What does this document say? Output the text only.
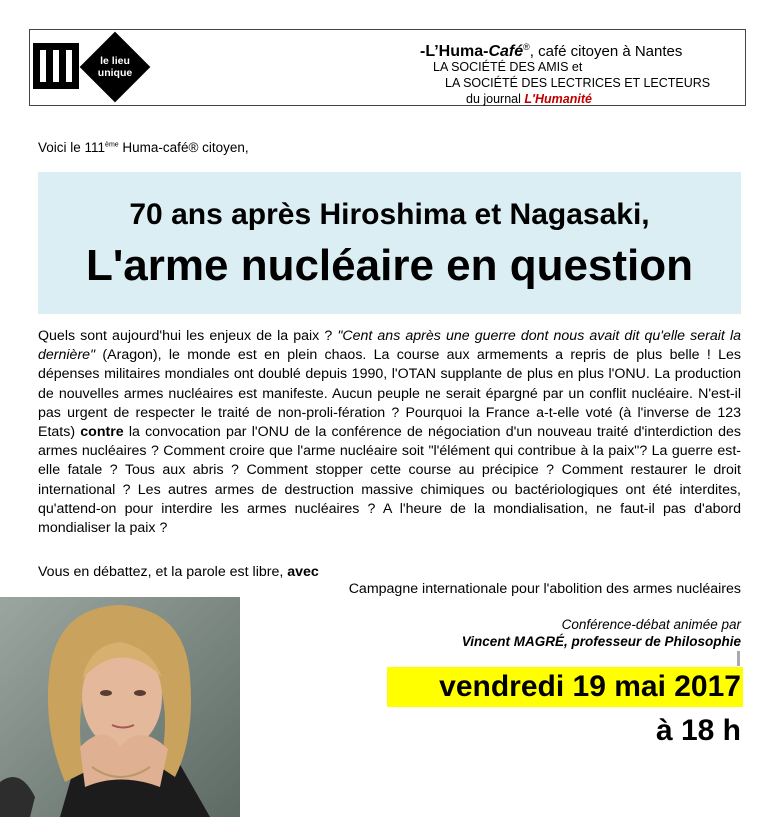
le lieu
unique
-L’Huma-Café®, café citoyen à Nantes
LA SOCIÉTÉ DES AMIS et
LA SOCIÉTÉ DES LECTRICES ET LECTEURS
du journal L'Humanité
Voici le 111ème Huma-café® citoyen,
70 ans après Hiroshima et Nagasaki,
L'arme nucléaire en question
Quels sont aujourd'hui les enjeux de la paix ? "Cent ans après une guerre dont nous avait dit qu'elle serait la dernière" (Aragon), le monde est en plein chaos. La course aux armements a repris de plus belle ! Les dépenses militaires mondiales ont doublé depuis 1990, l'OTAN supplante de plus en plus l'ONU. La production de nouvelles armes nucléaires est manifeste. Aucun peuple ne serait épargné par un conflit nucléaire. N'est-il pas urgent de respecter le traité de non-proli-fération ? Pourquoi la France a-t-elle voté (à l'inverse de 123 Etats) contre la convocation par l'ONU de la conférence de négociation d'un nouveau traité d'interdiction des armes nucléaires ? Comment croire que l'arme nucléaire soit "l'élément qui contribue à la paix"? La guerre est-elle fatale ? Tous aux abris ? Comment stopper cette course au précipice ? Comment restaurer le droit international ? Les autres armes de destruction massive chimiques ou bactériologiques ont été interdites, qu'attend-on pour interdire les armes nucléaires ? A l'heure de la mondialisation, ne faut-il pas d'abord mondialiser la paix ?
Vous en débattez, et la parole est libre, avec
Campagne internationale pour l'abolition des armes nucléaires
Conférence-débat animée par
Vincent MAGRÉ, professeur de Philosophie
vendredi 19 mai 2017
à 18 h
